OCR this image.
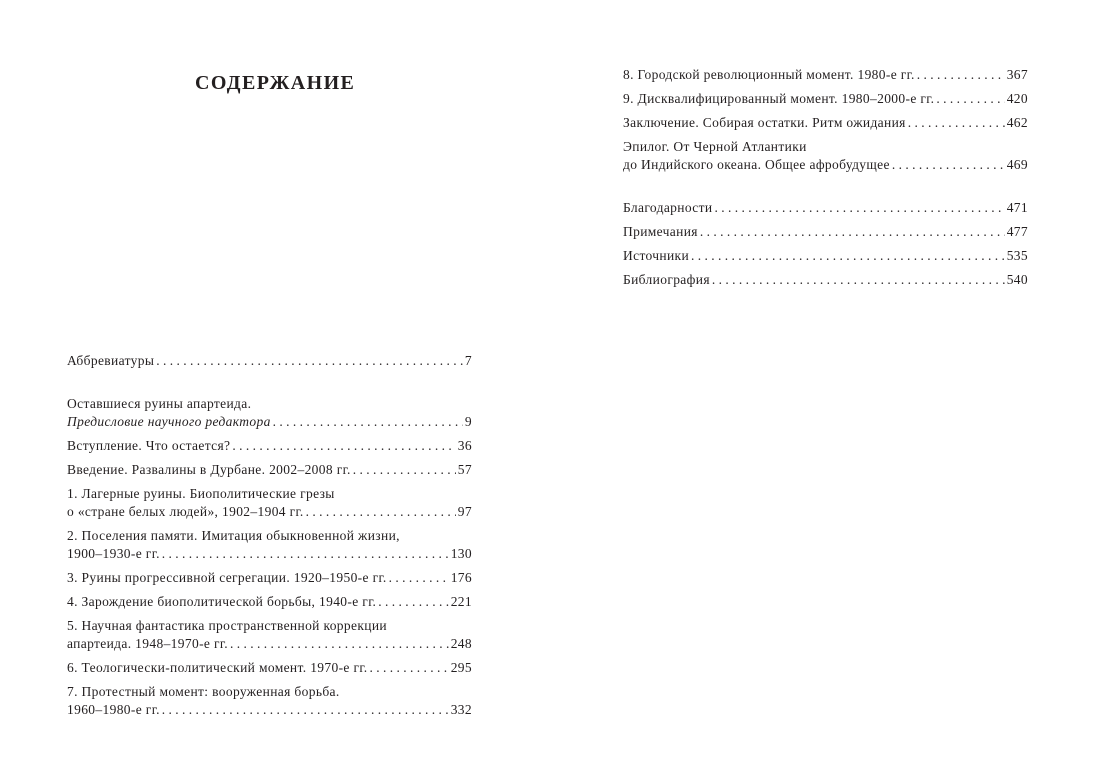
СОДЕРЖАНИЕ
Аббревиатуры . . .	7
Оставшиеся руины апартеида.
Предисловие научного редактора . . .	9
Вступление. Что остается? . . .	36
Введение. Развалины в Дурбане. 2002–2008 гг. . . .	57
1. Лагерные руины. Биополитические грезы
о «стране белых людей», 1902–1904 гг. . . .	97
2. Поселения памяти. Имитация обыкновенной жизни,
1900–1930-е гг. . . .	130
3. Руины прогрессивной сегрегации. 1920–1950-е гг. . . .	176
4. Зарождение биополитической борьбы, 1940-е гг. . . .	221
5. Научная фантастика пространственной коррекции
апартеида. 1948–1970-е гг. . . .	248
6. Теологически-политический момент. 1970-е гг. . . .	295
7. Протестный момент: вооруженная борьба.
1960–1980-е гг. . . .	332
8. Городской революционный момент. 1980-е гг. . . .	367
9. Дисквалифицированный момент. 1980–2000-е гг. . . .	420
Заключение. Собирая остатки. Ритм ожидания . . .	462
Эпилог. От Черной Атлантики
до Индийского океана. Общее афробудущее . . .	469
Благодарности . . .	471
Примечания . . .	477
Источники . . .	535
Библиография . . .	540
